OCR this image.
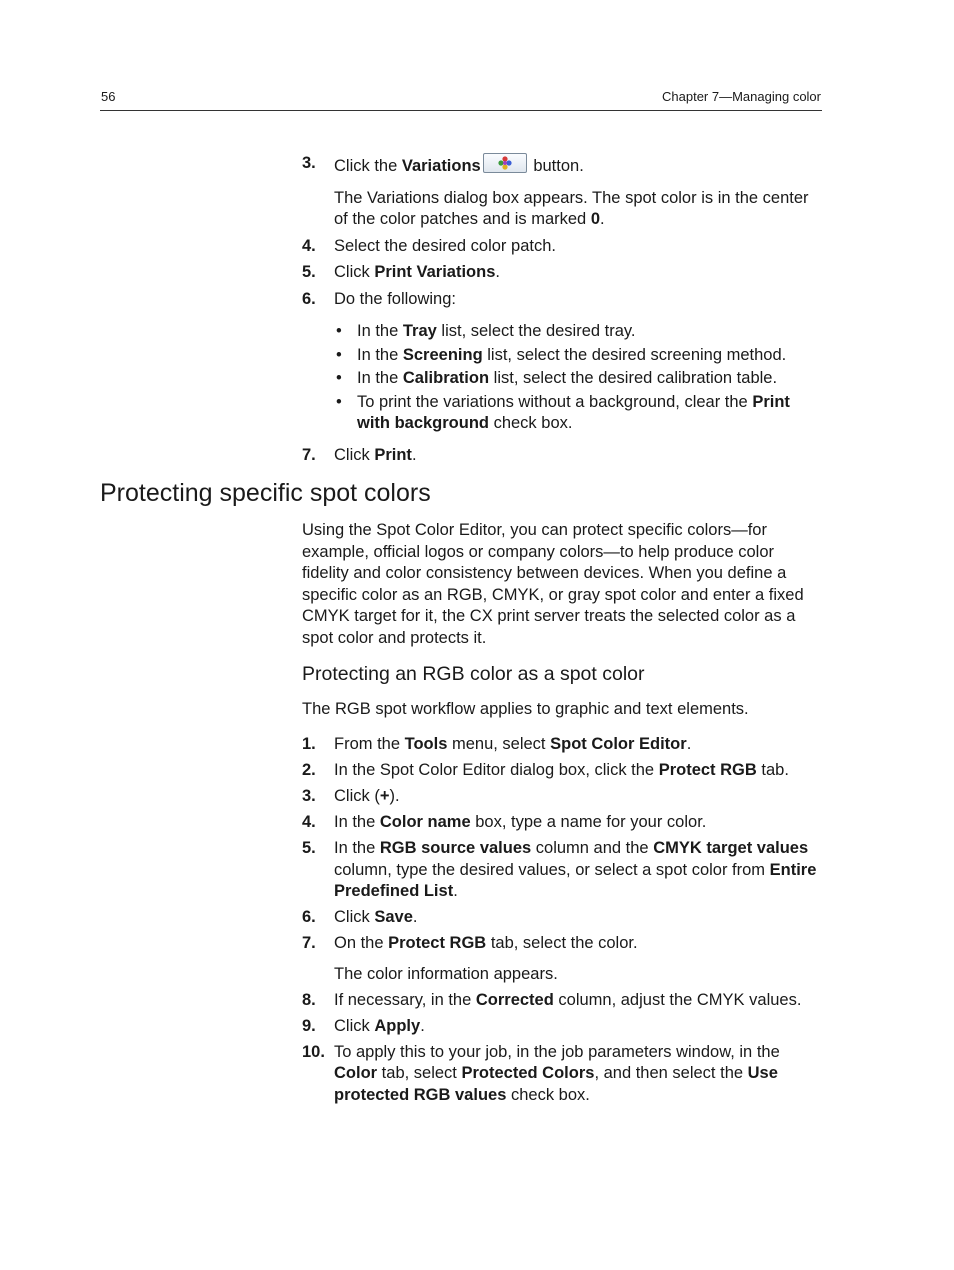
56	Chapter 7—Managing color
3. Click the Variations	button.
The Variations dialog box appears. The spot color is in the center of the color patches and is marked 0.
4. Select the desired color patch.
5. Click Print Variations.
6. Do the following:
• In the Tray list, select the desired tray.
• In the Screening list, select the desired screening method.
• In the Calibration list, select the desired calibration table.
• To print the variations without a background, clear the Print with background check box.
7. Click Print.
Protecting specific spot colors
Using the Spot Color Editor, you can protect specific colors—for example, official logos or company colors—to help produce color fidelity and color consistency between devices. When you define a specific color as an RGB, CMYK, or gray spot color and enter a fixed CMYK target for it, the CX print server treats the selected color as a spot color and protects it.
Protecting an RGB color as a spot color
The RGB spot workflow applies to graphic and text elements.
1. From the Tools menu, select Spot Color Editor.
2. In the Spot Color Editor dialog box, click the Protect RGB tab.
3. Click (+).
4. In the Color name box, type a name for your color.
5. In the RGB source values column and the CMYK target values column, type the desired values, or select a spot color from Entire Predefined List.
6. Click Save.
7. On the Protect RGB tab, select the color.
The color information appears.
8. If necessary, in the Corrected column, adjust the CMYK values.
9. Click Apply.
10. To apply this to your job, in the job parameters window, in the Color tab, select Protected Colors, and then select the Use protected RGB values check box.
